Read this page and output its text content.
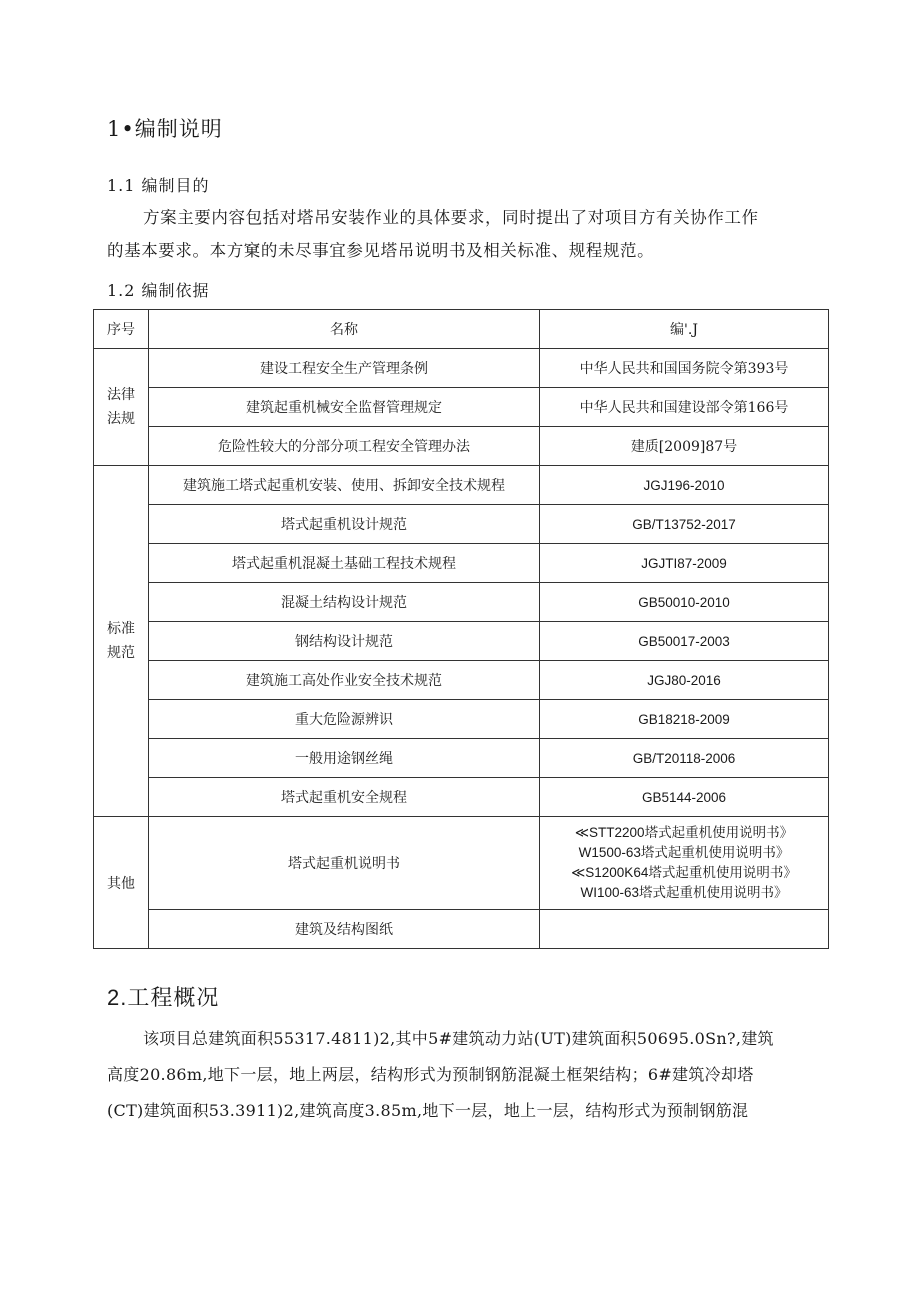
1•编制说明
1.1 编制目的

方案主要内容包括对塔吊安装作业的具体要求，同时提出了对项目方有关协作工作

的基本要求。本方窠的未尽事宜参见塔吊说明书及相关标准、规程规范。

1.2 编制依据
序号	名称	编'.J
法律
法规	建设工程安全生产管理条例	中华人民共和国国务院令第393号
	建筑起重机械安全监督管理规定	中华人民共和国建设部令第166号
	危险性较大的分部分项工程安全管理办法	建质[2009]87号
标准
规范	建筑施工塔式起重机安装、使用、拆卸安全技术规程	JGJ196-2010
	塔式起重机设计规范	GB/T13752-2017
	塔式起重机混凝土基础工程技术规程	JGJTI87-2009
	混凝土结构设计规范	GB50010-2010
	钢结构设计规范	GB50017-2003
	建筑施工高处作业安全技术规范	JGJ80-2016
	重大危险源辨识	GB18218-2009
	一般用途钢丝绳	GB/T20118-2006
	塔式起重机安全规程	GB5144-2006
其他	塔式起重机说明书	≪STT2200塔式起重机使用说明书》
W1500-63塔式起重机使用说明书》
≪S1200K64塔式起重机使用说明书》
WI100-63塔式起重机使用说明书》

	建筑及结构图纸	
2.工程概况

该项目总建筑面积55317.4811)2,其中5#建筑动力站(UT)建筑面积50695.0Sn?,建筑

高度20.86m,地下一层，地上两层，结构形式为预制钢筋混凝土框架结构；6#建筑冷却塔

(CT)建筑面积53.3911)2,建筑高度3.85m,地下一层，地上一层，结构形式为预制钢筋混
